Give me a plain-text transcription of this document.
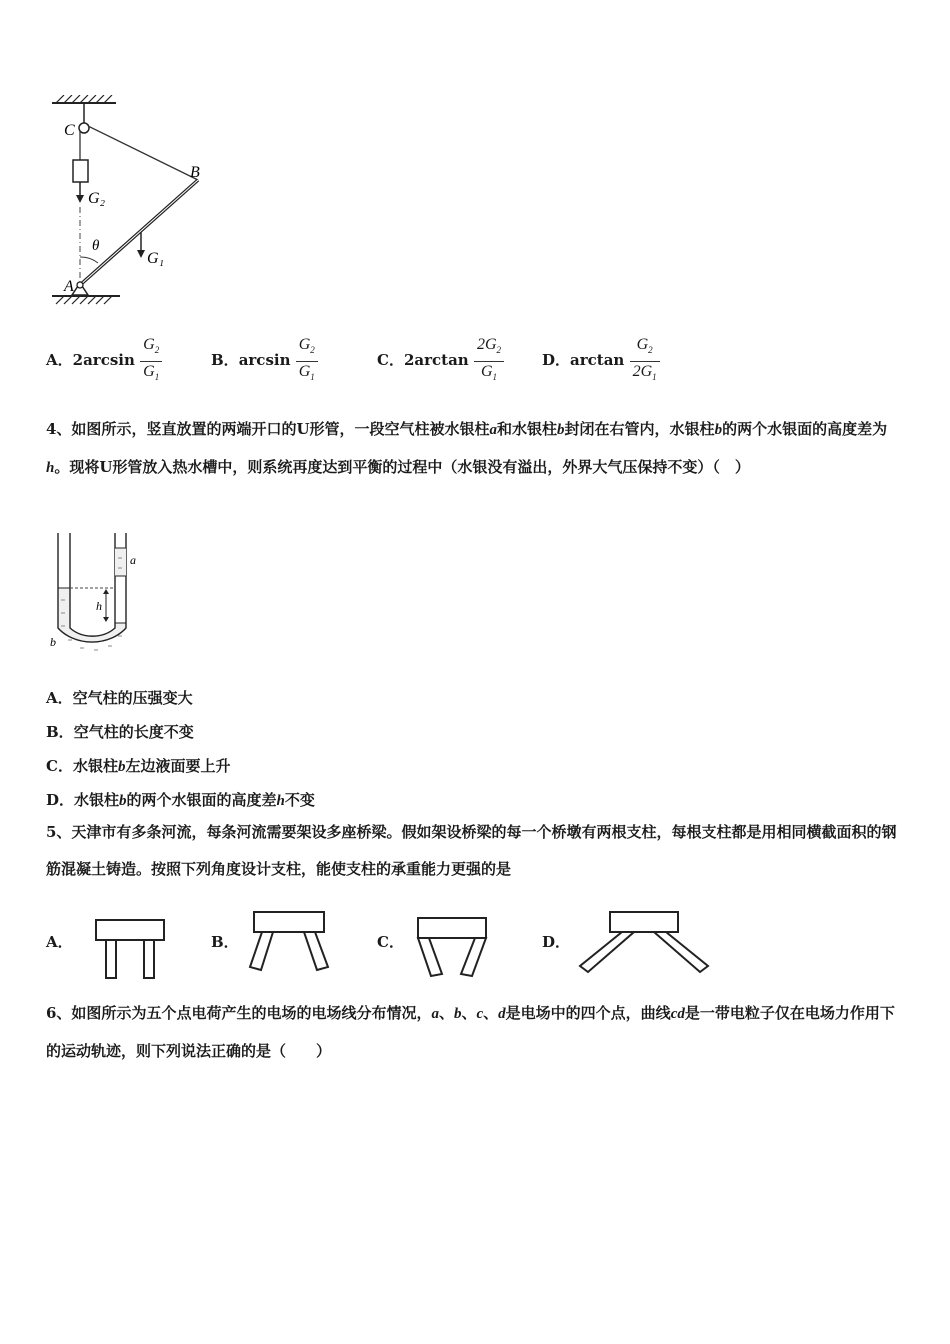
C
B
A
G₂
G₁
θ
A．$2\arcsin \frac{G_2}{G_1}$	B．$\arcsin \frac{G_2}{G_1}$	C．$2\arctan \frac{2G_2}{G_1}$	D．$\arctan \frac{G_2}{2G_1}$
4、如图所示，竖直放置的两端开口的U形管，一段空气柱被水银柱a和水银柱b封闭在右管内，水银柱b的两个水银面的高度差为h。现将U形管放入热水槽中，则系统再度达到平衡的过程中（水银没有溢出，外界大气压保持不变）（　）
a
h
b
A．空气柱的压强变大
B．空气柱的长度不变
C．水银柱b左边液面要上升
D．水银柱b的两个水银面的高度差h不变
5、天津市有多条河流，每条河流需要架设多座桥梁。假如架设桥梁的每一个桥墩有两根支柱，每根支柱都是用相同横截面积的钢筋混凝土铸造。按照下列角度设计支柱，能使支柱的承重能力更强的是
A．	B．	C．	D．
6、如图所示为五个点电荷产生的电场的电场线分布情况，a、b、c、d是电场中的四个点，曲线cd是一带电粒子仅在电场力作用下的运动轨迹，则下列说法正确的是（　　）
